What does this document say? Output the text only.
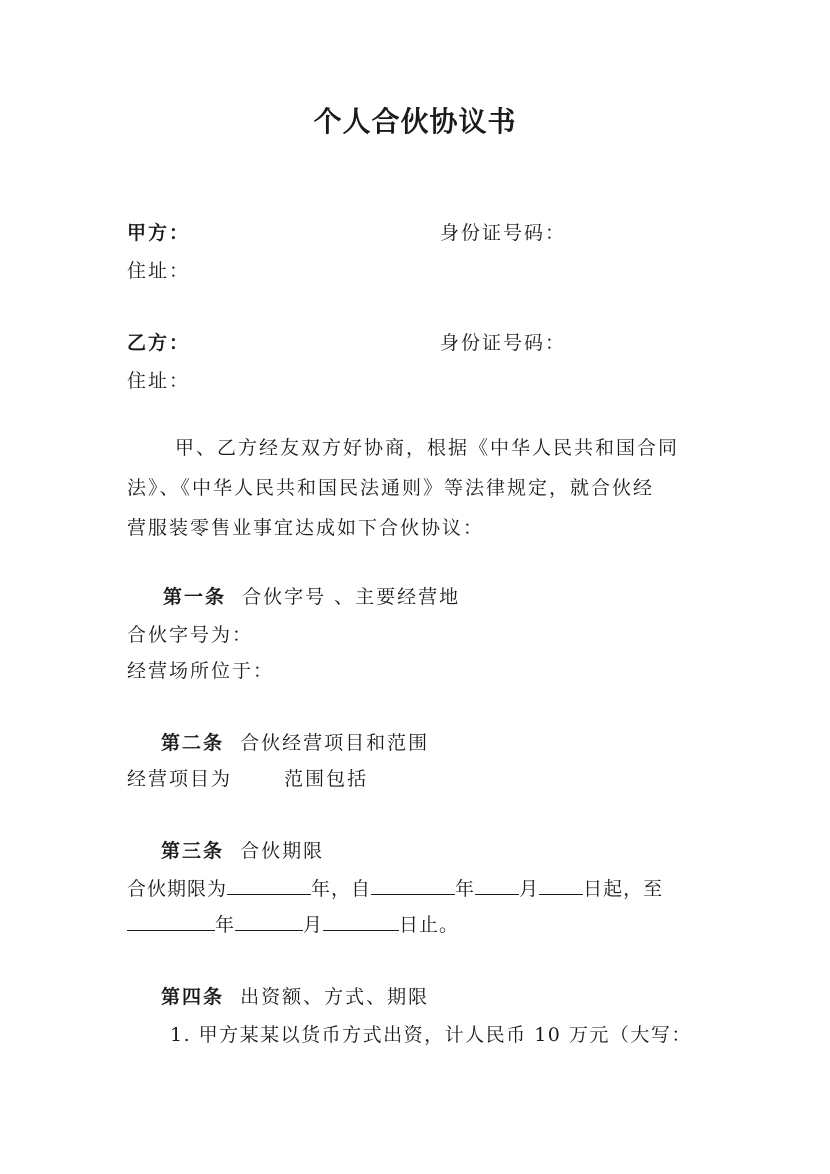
个人合伙协议书
甲方：	身份证号码：
住址：
乙方：	身份证号码：
住址：
甲、乙方经友双方好协商，根据《中华人民共和国合同
法》、《中华人民共和国民法通则》等法律规定，就合伙经
营服装零售业事宜达成如下合伙协议：
第一条 合伙字号 、主要经营地
合伙字号为：
经营场所位于：
第二条 合伙经营项目和范围
经营项目为	范围包括
第三条 合伙期限
合伙期限为	年，自	年 月 日起，至
年	月	日止。
第四条 出资额、方式、期限
1. 甲方某某以货币方式出资，计人民币 10 万元（大写：
